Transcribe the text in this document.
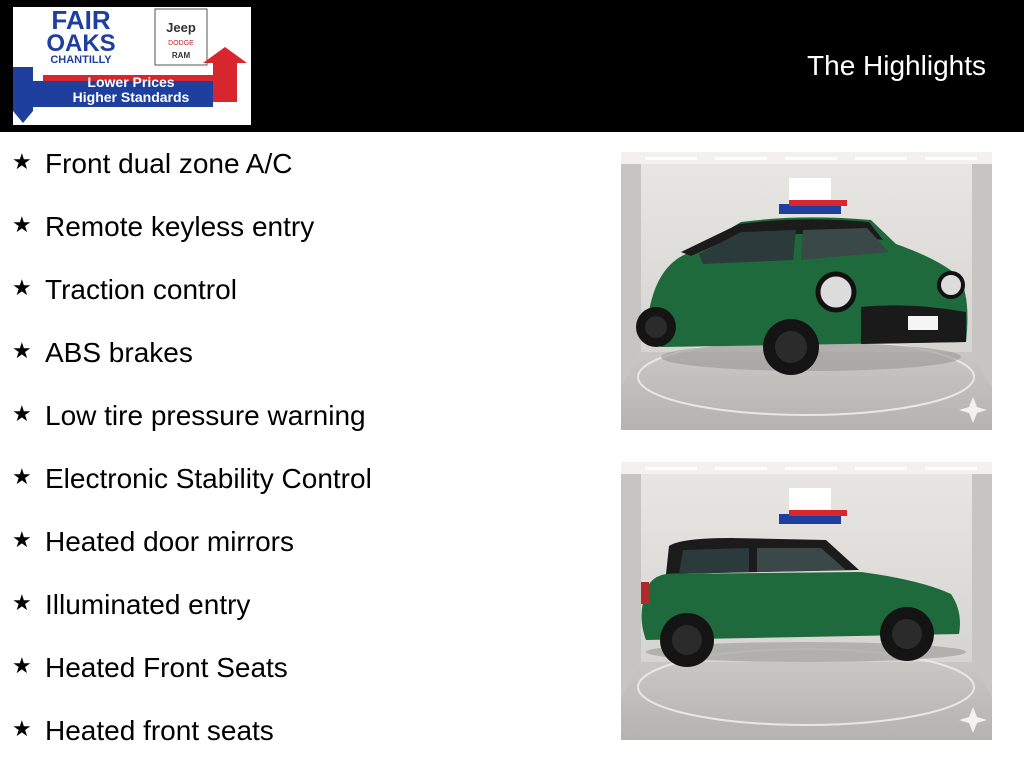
FAIR
OAKS
CHANTILLY
Jeep
DODGE
RAM
Lower Prices
Higher Standards
The Highlights
★ Front dual zone A/C
★ Remote keyless entry
★ Traction control
★ ABS brakes
★ Low tire pressure warning
★ Electronic Stability Control
★ Heated door mirrors
★ Illuminated entry
★ Heated Front Seats
★ Heated front seats
